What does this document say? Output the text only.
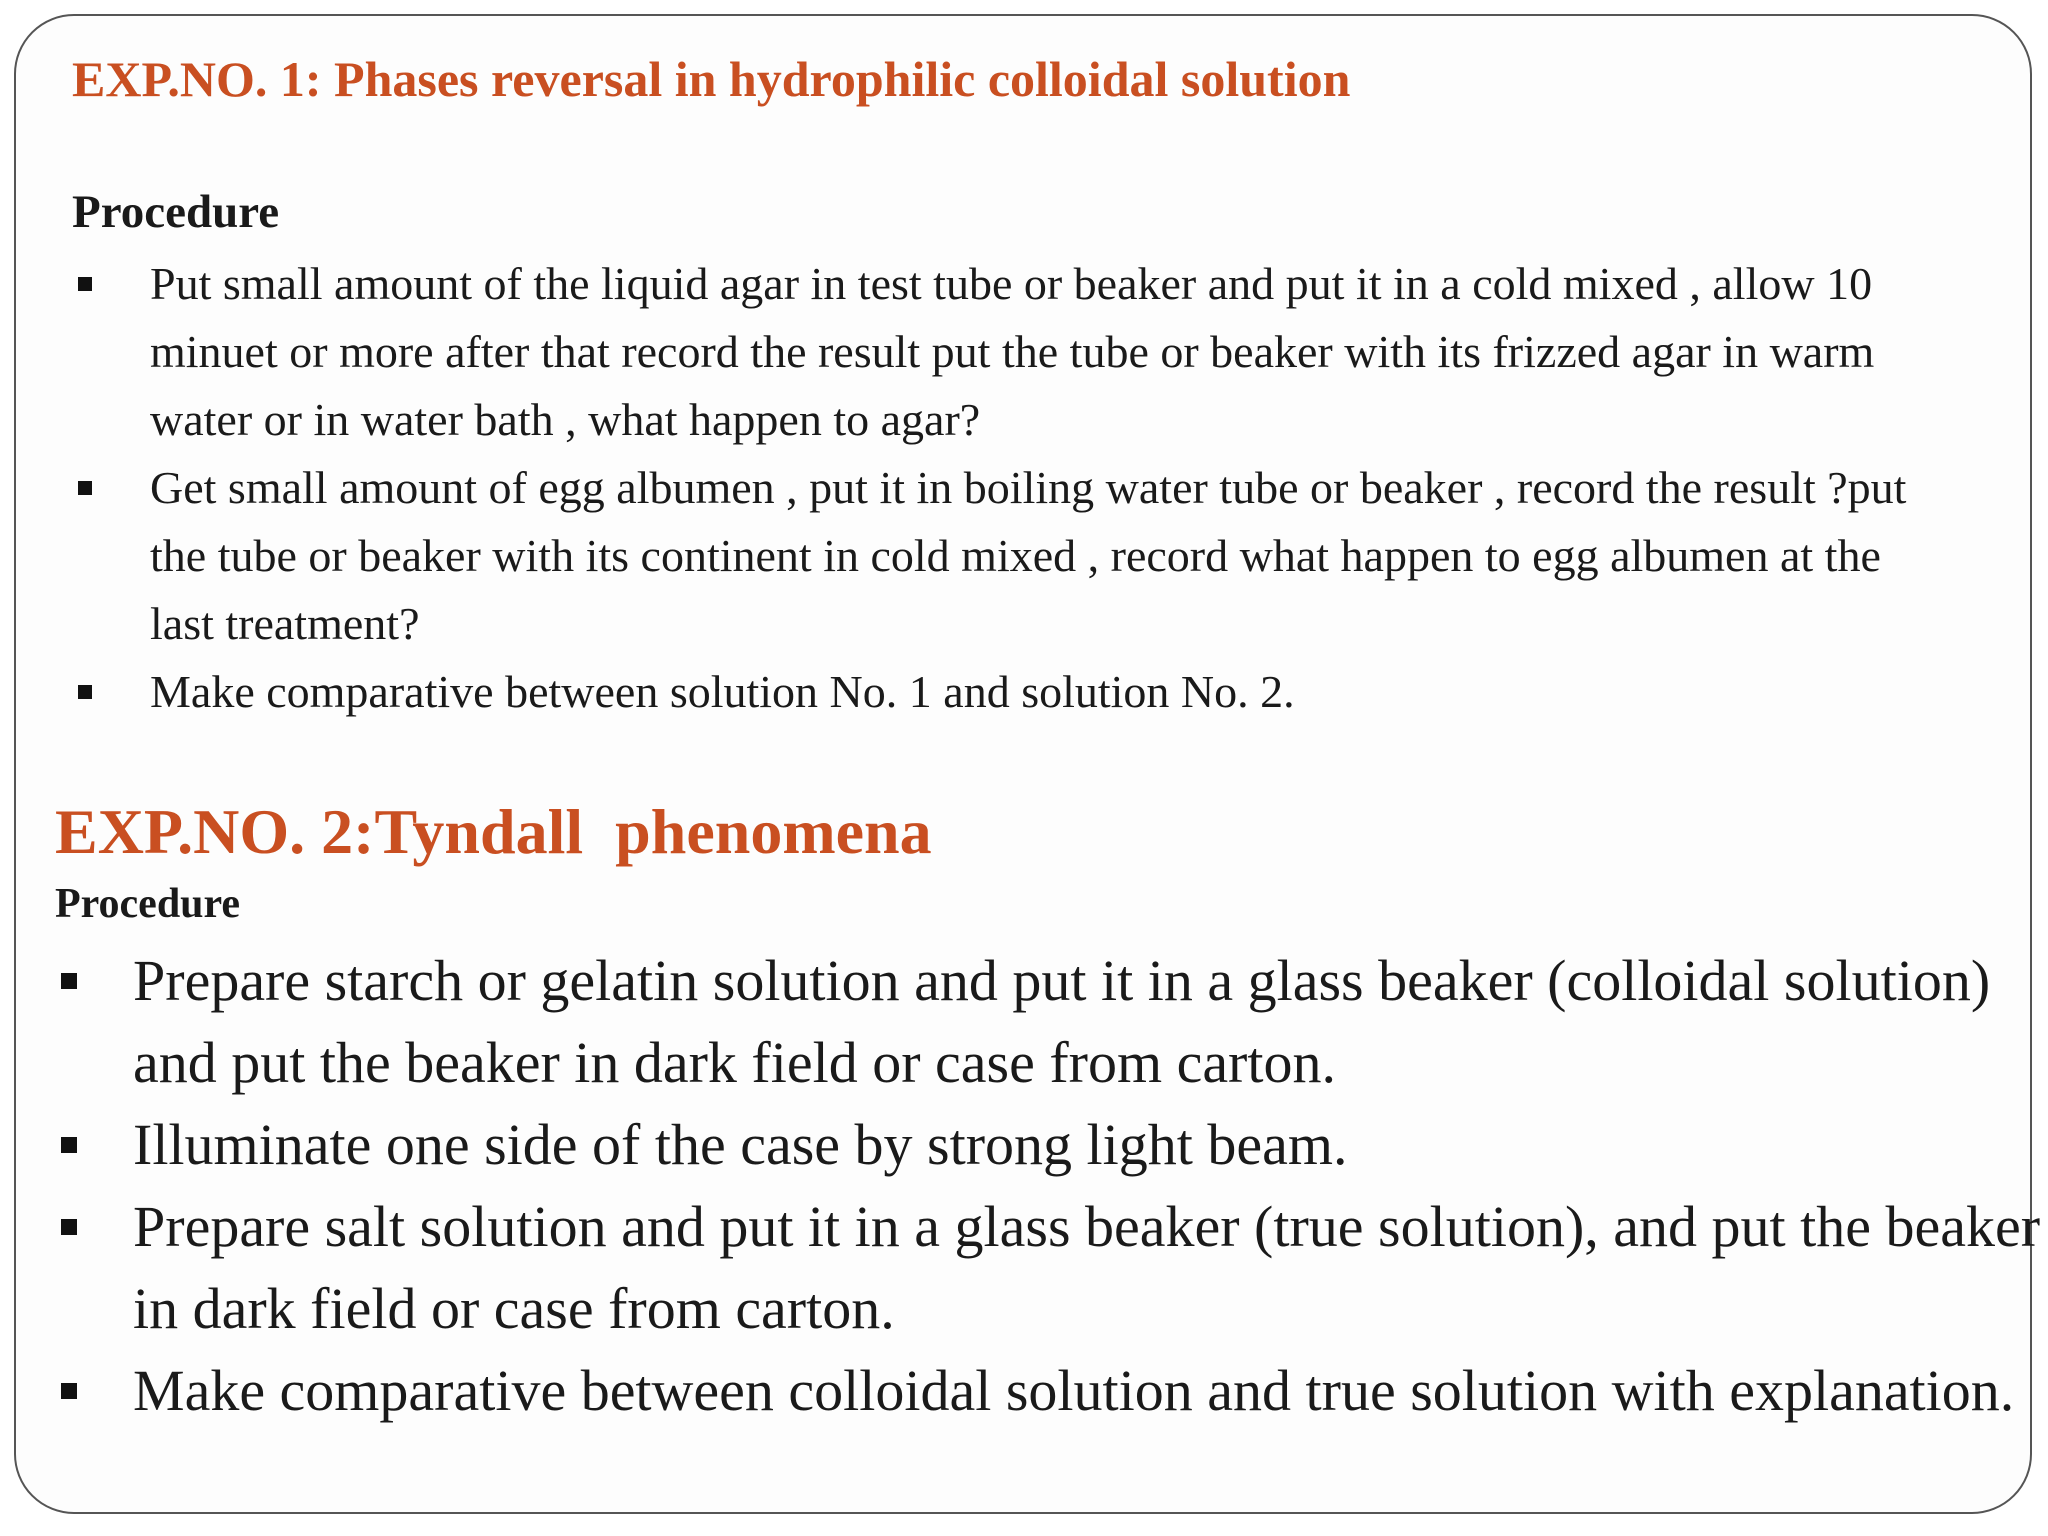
EXP.NO. 1: Phases reversal in hydrophilic colloidal solution
Procedure
Put small amount of the liquid agar in test tube or beaker and put it in a cold mixed , allow 10 minuet or more after that record the result put the tube or beaker with its frizzed agar in warm water or in water bath , what happen to agar?
Get small amount of egg albumen , put it in boiling water tube or beaker , record the result ?put the tube or beaker with its continent in cold mixed , record what happen to egg albumen at the last treatment?
Make comparative between solution No. 1 and solution No. 2.
EXP.NO. 2:Tyndall  phenomena
Procedure
Prepare starch or gelatin solution and put it in a glass beaker (colloidal solution) and put the beaker in dark field or case from carton.
Illuminate one side of the case by strong light beam.
Prepare salt solution and put it in a glass beaker (true solution), and put the beaker in dark field or case from carton.
Make comparative between colloidal solution and true solution with explanation.
